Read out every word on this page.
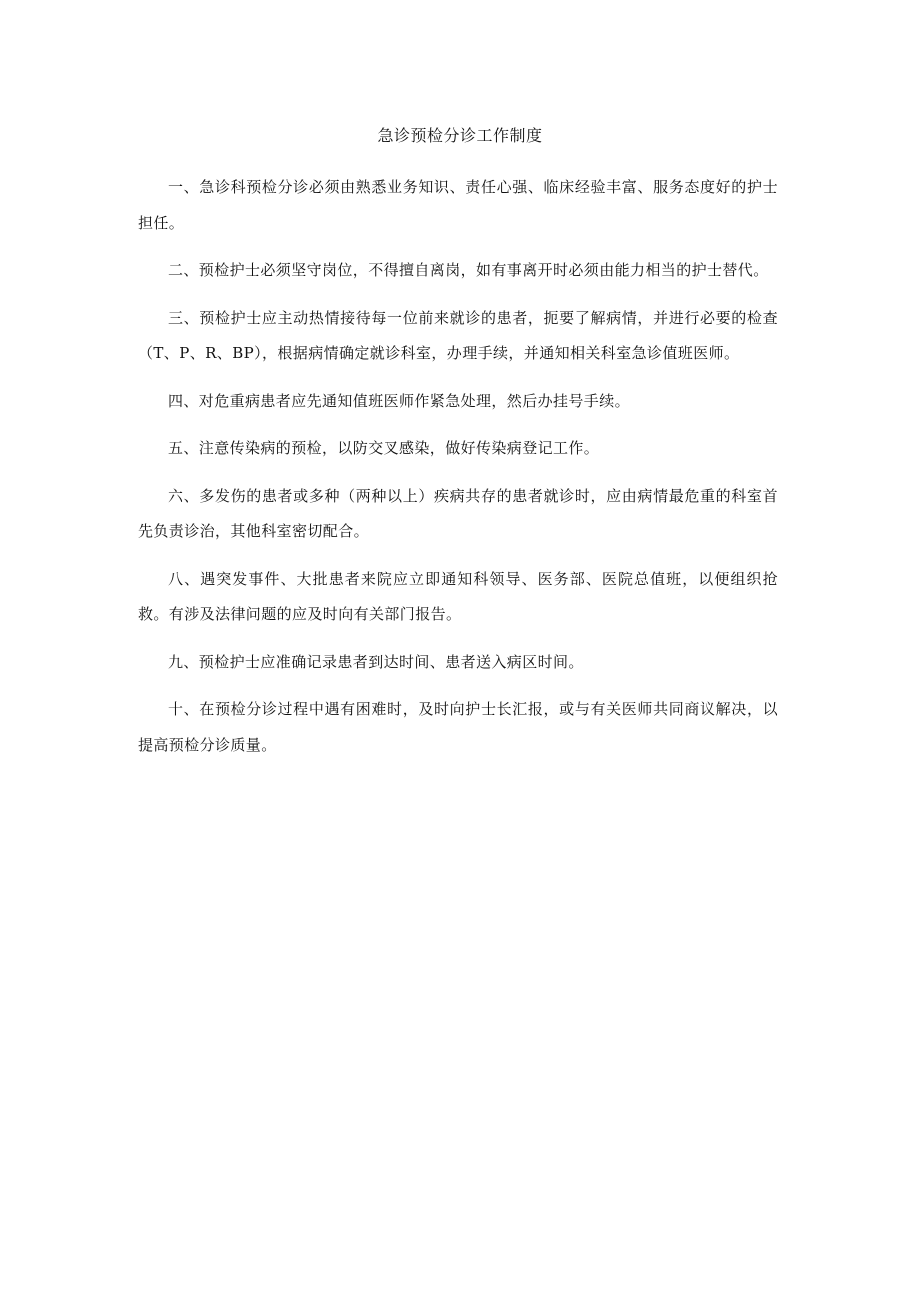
急诊预检分诊工作制度

一、急诊科预检分诊必须由熟悉业务知识、责任心强、临床经验丰富、服务态度好的护士担任。

二、预检护士必须坚守岗位，不得擅自离岗，如有事离开时必须由能力相当的护士替代。

三、预检护士应主动热情接待每一位前来就诊的患者，扼要了解病情，并进行必要的检查（T、P、R、BP），根据病情确定就诊科室，办理手续，并通知相关科室急诊值班医师。

四、对危重病患者应先通知值班医师作紧急处理，然后办挂号手续。

五、注意传染病的预检，以防交叉感染，做好传染病登记工作。

六、多发伤的患者或多种（两种以上）疾病共存的患者就诊时，应由病情最危重的科室首先负责诊治，其他科室密切配合。

八、遇突发事件、大批患者来院应立即通知科领导、医务部、医院总值班，以便组织抢救。有涉及法律问题的应及时向有关部门报告。

九、预检护士应准确记录患者到达时间、患者送入病区时间。

十、在预检分诊过程中遇有困难时，及时向护士长汇报，或与有关医师共同商议解决，以提高预检分诊质量。
